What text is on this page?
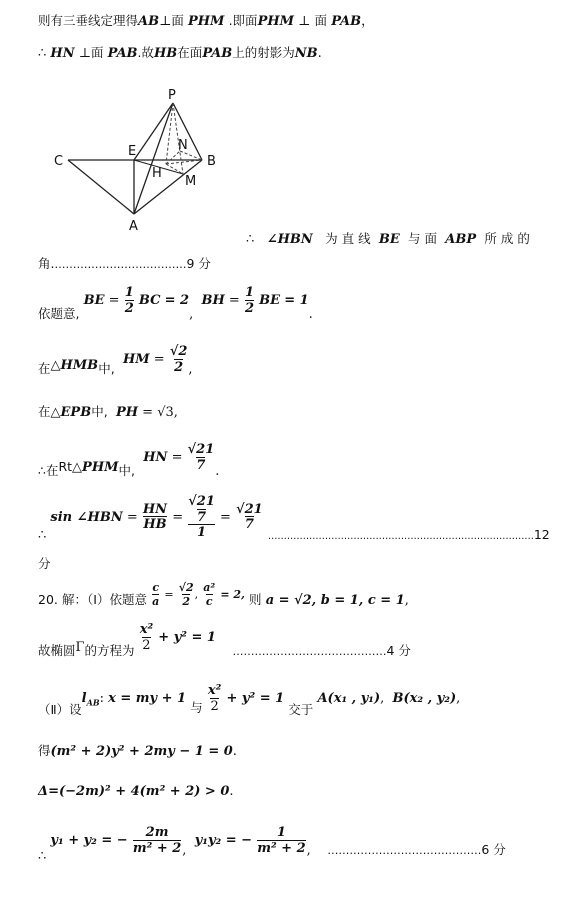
则有三垂线定理得AB⊥面 PHM .即面PHM ⊥ 面 PAB，
∴ HN ⊥面 PAB.故HB在面PAB上的射影为NB.
P
C
E	N
B
H
M
A
∴ ∠HBN 为 直 线 BE 与 面 ABP 所 成 的
角.………………………………9 分
依题意, BE = $\frac{1}{2}$ BC = 2,  BH = $\frac{1}{2}$ BE = 1.
在△HMB中,  HM = $\frac{√2}{2}$ ,
在△EPB中, PH = √3,
∴在Rt△PHM中,  HN = $\frac{√21}{7}$ .
∴ sin ∠HBN = $\frac{HN}{HB} = \frac{\frac{√21}{7}}{1} = \frac{√21}{7}$
$_{\dots\dots\dots\dots\dots\dots\dots\dots\dots\dots\dots\dots\dots\dots\dots\dots\dots\dots\dots\dots\dots\dots\dots\dots\dots\dots\dots\dots}$12
分
20. 解：（Ⅰ）依题意 $\frac{c}{a} = \frac{√2}{2}$ , $\frac{\text{a²}}{c} = 2$, 则 a = √2, b = 1, c = 1,
故椭圆Γ的方程为 $\frac{\text{x²}}{2} + y^2 = 1$    $_{\dots\dots\dots\dots\dots\dots\dots\dots\dots\dots\dots\dots\dots\dots}$4 分
（Ⅱ）设$l_{AB}$: x = my + 1 与 $\frac{\text{x²}}{2} + y^2 = 1$ 交于 A(x₁ , y₁), B(x₂ , y₂),
得(m² + 2)y² + 2my − 1 = 0.
Δ=(−2m)² + 4(m² + 2) > 0.
∴ y₁ + y₂ = − $\frac{2m}{\text{m² + 2}}$ ,  y₁y₂ = − $\frac{1}{\text{m² + 2}}$ , $_{\dots\dots\dots\dots\dots\dots\dots\dots\dots\dots\dots\dots\dots\dots}$6 分
